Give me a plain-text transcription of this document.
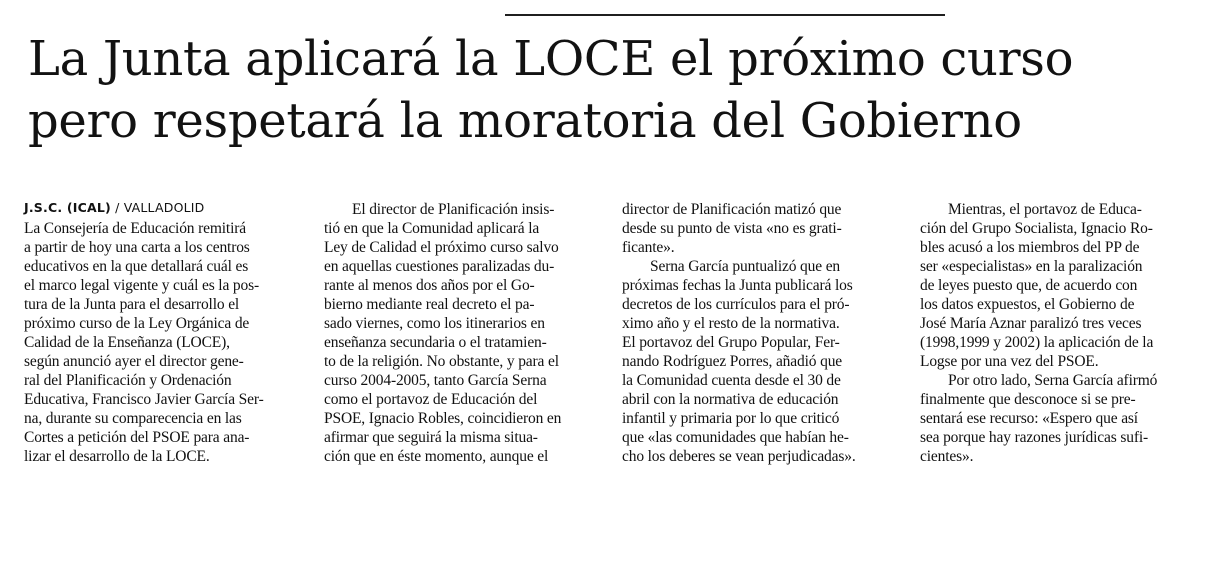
La Junta aplicará la LOCE el próximo curso
pero respetará la moratoria del Gobierno
J.S.C. (ICAL) / VALLADOLID
La Consejería de Educación remitirá
a partir de hoy una carta a los centros
educativos en la que detallará cuál es
el marco legal vigente y cuál es la pos-
tura de la Junta para el desarrollo el
próximo curso de la Ley Orgánica de
Calidad de la Enseñanza (LOCE),
según anunció ayer el director gene-
ral del Planificación y Ordenación
Educativa, Francisco Javier García Ser-
na, durante su comparecencia en las
Cortes a petición del PSOE para ana-
lizar el desarrollo de la LOCE.
El director de Planificación insis-
tió en que la Comunidad aplicará la
Ley de Calidad el próximo curso salvo
en aquellas cuestiones paralizadas du-
rante al menos dos años por el Go-
bierno mediante real decreto el pa-
sado viernes, como los itinerarios en
enseñanza secundaria o el tratamien-
to de la religión. No obstante, y para el
curso 2004-2005, tanto García Serna
como el portavoz de Educación del
PSOE, Ignacio Robles, coincidieron en
afirmar que seguirá la misma situa-
ción que en éste momento, aunque el
director de Planificación matizó que
desde su punto de vista «no es grati-
ficante».
Serna García puntualizó que en
próximas fechas la Junta publicará los
decretos de los currículos para el pró-
ximo año y el resto de la normativa.
El portavoz del Grupo Popular, Fer-
nando Rodríguez Porres, añadió que
la Comunidad cuenta desde el 30 de
abril con la normativa de educación
infantil y primaria por lo que criticó
que «las comunidades que habían he-
cho los deberes se vean perjudicadas».
Mientras, el portavoz de Educa-
ción del Grupo Socialista, Ignacio Ro-
bles acusó a los miembros del PP de
ser «especialistas» en la paralización
de leyes puesto que, de acuerdo con
los datos expuestos, el Gobierno de
José María Aznar paralizó tres veces
(1998,1999 y 2002) la aplicación de la
Logse por una vez del PSOE.
Por otro lado, Serna García afirmó
finalmente que desconoce si se pre-
sentará ese recurso: «Espero que así
sea porque hay razones jurídicas sufi-
cientes».
